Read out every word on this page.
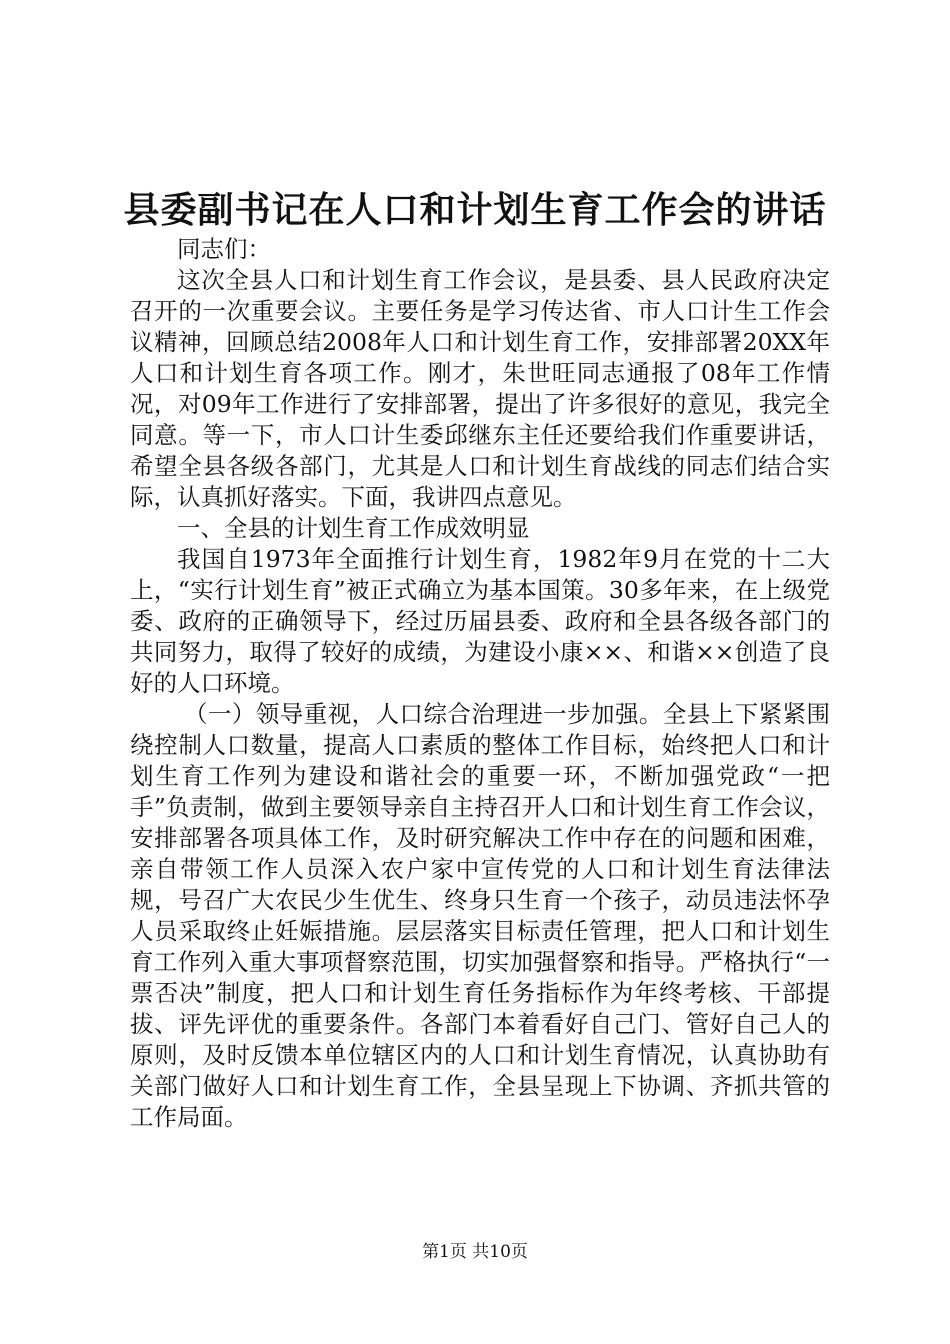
县委副书记在人口和计划生育工作会的讲话

同志们：

这次全县人口和计划生育工作会议，是县委、县人民政府决定召开的一次重要会议。主要任务是学习传达省、市人口计生工作会议精神，回顾总结2008年人口和计划生育工作，安排部署20XX年人口和计划生育各项工作。刚才，朱世旺同志通报了08年工作情况，对09年工作进行了安排部署，提出了许多很好的意见，我完全同意。等一下，市人口计生委邱继东主任还要给我们作重要讲话，希望全县各级各部门，尤其是人口和计划生育战线的同志们结合实际，认真抓好落实。下面，我讲四点意见。

一、全县的计划生育工作成效明显

我国自1973年全面推行计划生育，1982年9月在党的十二大上，“实行计划生育”被正式确立为基本国策。30多年来，在上级党委、政府的正确领导下，经过历届县委、政府和全县各级各部门的共同努力，取得了较好的成绩，为建设小康××、和谐××创造了良好的人口环境。

（一）领导重视，人口综合治理进一步加强。全县上下紧紧围绕控制人口数量，提高人口素质的整体工作目标，始终把人口和计划生育工作列为建设和谐社会的重要一环，不断加强党政“一把手”负责制，做到主要领导亲自主持召开人口和计划生育工作会议，安排部署各项具体工作，及时研究解决工作中存在的问题和困难，亲自带领工作人员深入农户家中宣传党的人口和计划生育法律法规，号召广大农民少生优生、终身只生育一个孩子，动员违法怀孕人员采取终止妊娠措施。层层落实目标责任管理，把人口和计划生育工作列入重大事项督察范围，切实加强督察和指导。严格执行“一票否决”制度，把人口和计划生育任务指标作为年终考核、干部提拔、评先评优的重要条件。各部门本着看好自己门、管好自己人的原则，及时反馈本单位辖区内的人口和计划生育情况，认真协助有关部门做好人口和计划生育工作，全县呈现上下协调、齐抓共管的工作局面。

第1页 共10页
